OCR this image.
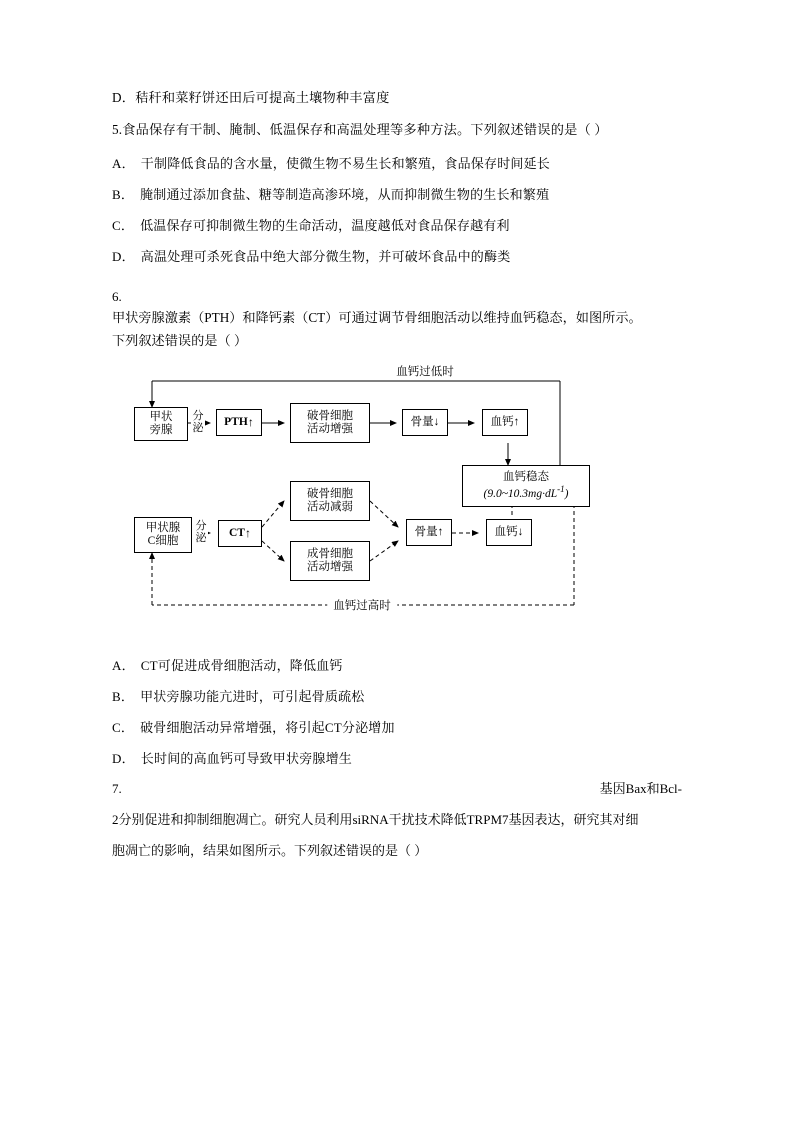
D．秸秆和菜籽饼还田后可提高土壤物种丰富度

5.食品保存有干制、腌制、低温保存和高温处理等多种方法。下列叙述错误的是（ ）

A． 干制降低食品的含水量，使微生物不易生长和繁殖，食品保存时间延长

B． 腌制通过添加食盐、糖等制造高渗环境，从而抑制微生物的生长和繁殖

C． 低温保存可抑制微生物的生命活动，温度越低对食品保存越有利

D． 高温处理可杀死食品中绝大部分微生物，并可破坏食品中的酶类

6.

甲状旁腺激素（PTH）和降钙素（CT）可通过调节骨细胞活动以维持血钙稳态，如图所示。

下列叙述错误的是（ ）

血钙过低时
甲状
旁腺
分
泌 PTH ↑	破骨细胞
活动增强
骨量 ↓	血钙 ↑
血钙稳态
$(9.0\sim 10.3mg\cdot dL^{-1})$
甲状腺
C细胞
分
泌 CT ↑
破骨细胞
活动减弱
成骨细胞
活动增强
骨量 ↑	血钙 ↓
血钙过高时

A． CT可促进成骨细胞活动，降低血钙

B． 甲状旁腺功能亢进时，可引起骨质疏松

C． 破骨细胞活动异常增强，将引起CT分泌增加

D． 长时间的高血钙可导致甲状旁腺增生

7.	基因Bax和Bcl-

2分别促进和抑制细胞凋亡。研究人员利用siRNA干扰技术降低TRPM7基因表达，研究其对细

胞凋亡的影响，结果如图所示。下列叙述错误的是（ ）
